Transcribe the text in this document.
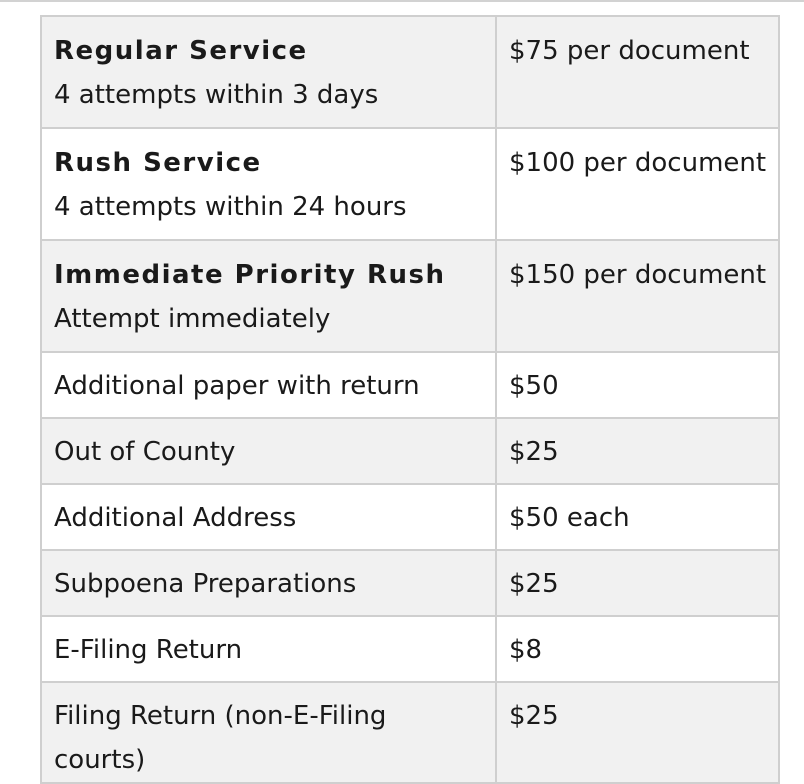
Regular Service
4 attempts within 3 days	$75 per document

Rush Service
4 attempts within 24 hours	$100 per document

Immediate Priority Rush
Attempt immediately	$150 per document
Additional paper with return	$50
Out of County	$25
Additional Address	$50 each
Subpoena Preparations	$25
E-Filing Return	$8
Filing Return (non-E-Filing courts)	$25
